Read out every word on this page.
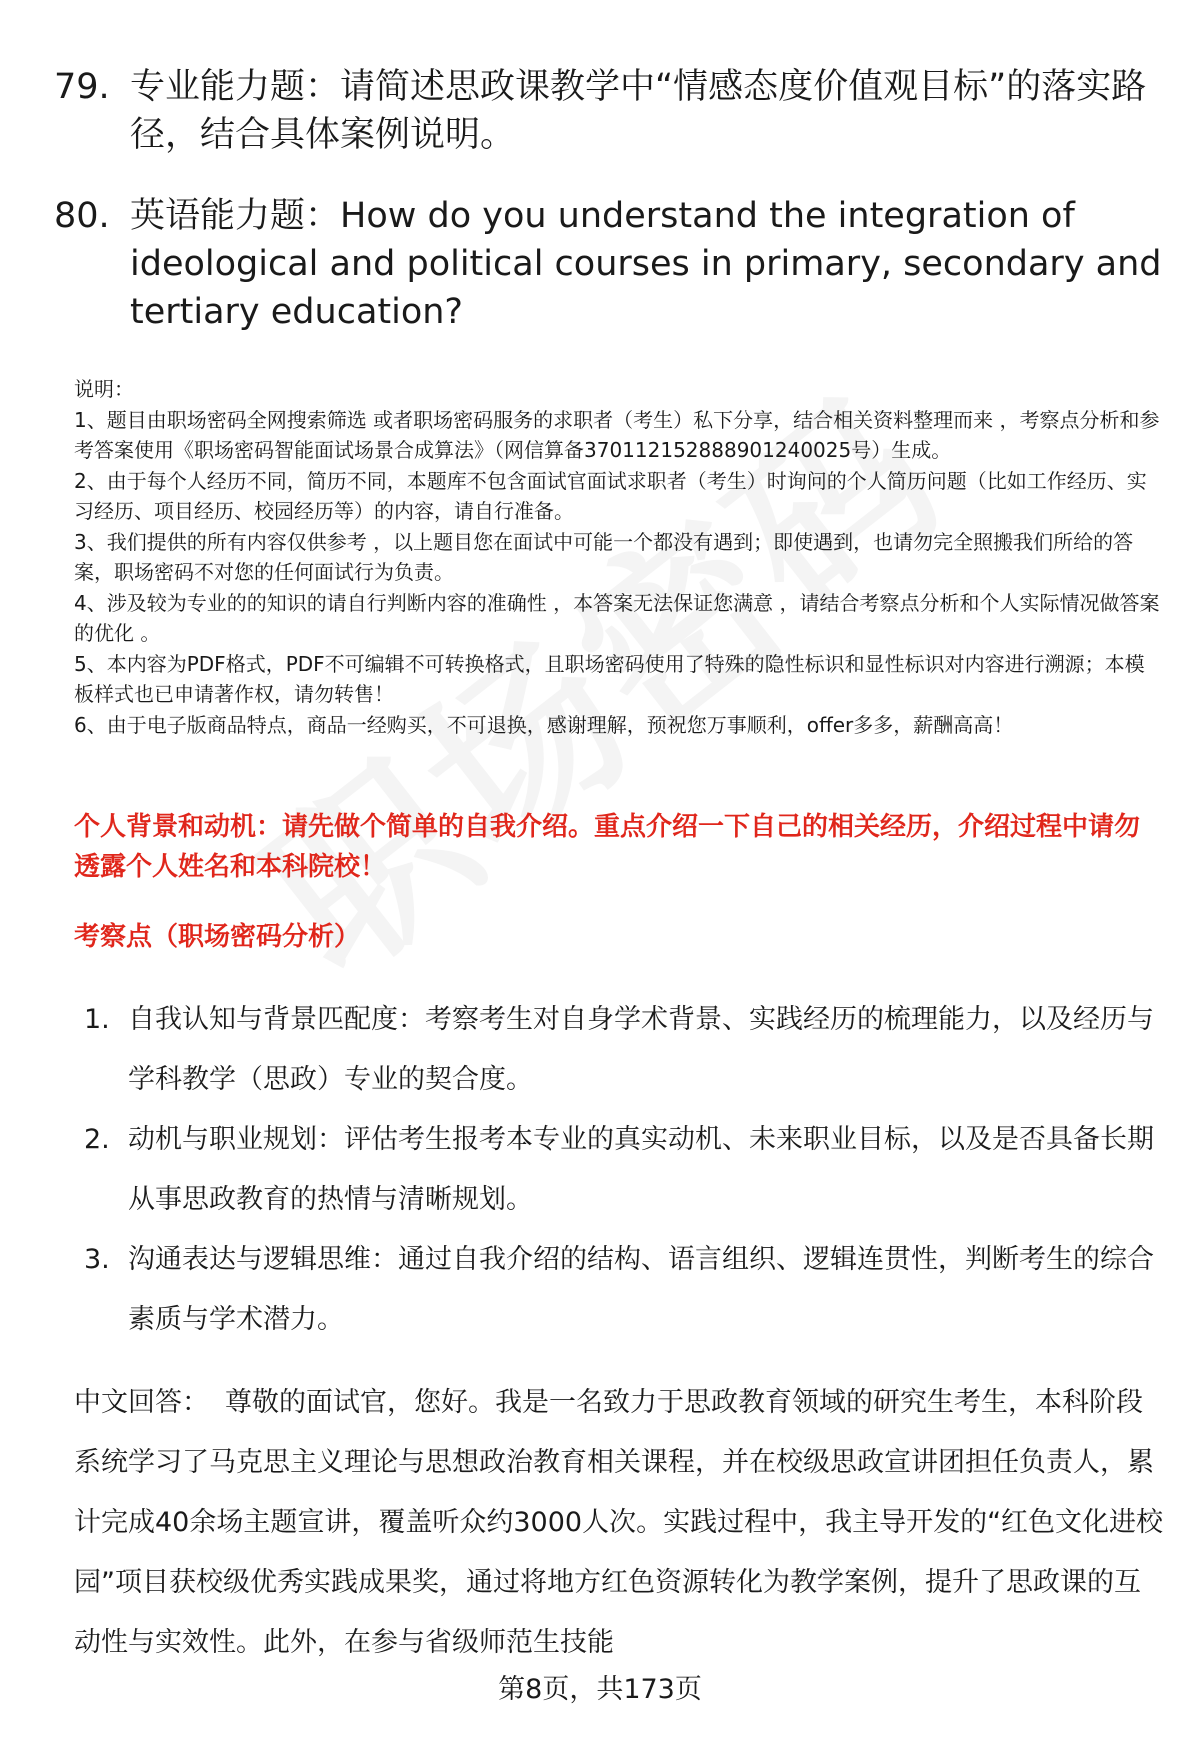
79. 专业能力题：请简述思政课教学中“情感态度价值观目标”的落实路径，结合具体案例说明。
80. 英语能力题：How do you understand the integration of ideological and political courses in primary, secondary and tertiary education?

说明：

1、题目由职场密码全网搜索筛选 或者职场密码服务的求职者（考生）私下分享，结合相关资料整理而来 ，考察点分析和参考答案使用《职场密码智能面试场景合成算法》（网信算备370112152888901240025号）生成。

2、由于每个人经历不同，简历不同，本题库不包含面试官面试求职者（考生）时询问的个人简历问题（比如工作经历、实习经历、项目经历、校园经历等）的内容，请自行准备。

3、我们提供的所有内容仅供参考 ，以上题目您在面试中可能一个都没有遇到；即使遇到，也请勿完全照搬我们所给的答案，职场密码不对您的任何面试行为负责。

4、涉及较为专业的的知识的请自行判断内容的准确性 ，本答案无法保证您满意 ，请结合考察点分析和个人实际情况做答案的优化 。

5、本内容为PDF格式，PDF不可编辑不可转换格式，且职场密码使用了特殊的隐性标识和显性标识对内容进行溯源；本模板样式也已申请著作权，请勿转售！

6、由于电子版商品特点，商品一经购买，不可退换，感谢理解，预祝您万事顺利，offer多多，薪酬高高！

个人背景和动机：请先做个简单的自我介绍。重点介绍一下自己的相关经历，介绍过程中请勿透露个人姓名和本科院校！
考察点（职场密码分析）
1. 自我认知与背景匹配度：考察考生对自身学术背景、实践经历的梳理能力，以及经历与学科教学（思政）专业的契合度。
2. 动机与职业规划：评估考生报考本专业的真实动机、未来职业目标，以及是否具备长期从事思政教育的热情与清晰规划。
3. 沟通表达与逻辑思维：通过自我介绍的结构、语言组织、逻辑连贯性，判断考生的综合素质与学术潜力。
中文回答： 尊敬的面试官，您好。我是一名致力于思政教育领域的研究生考生，本科阶段系统学习了马克思主义理论与思想政治教育相关课程，并在校级思政宣讲团担任负责人，累计完成40余场主题宣讲，覆盖听众约3000人次。实践过程中，我主导开发的“红色文化进校园”项目获校级优秀实践成果奖，通过将地方红色资源转化为教学案例，提升了思政课的互动性与实效性。此外，在参与省级师范生技能
第8页，共173页
